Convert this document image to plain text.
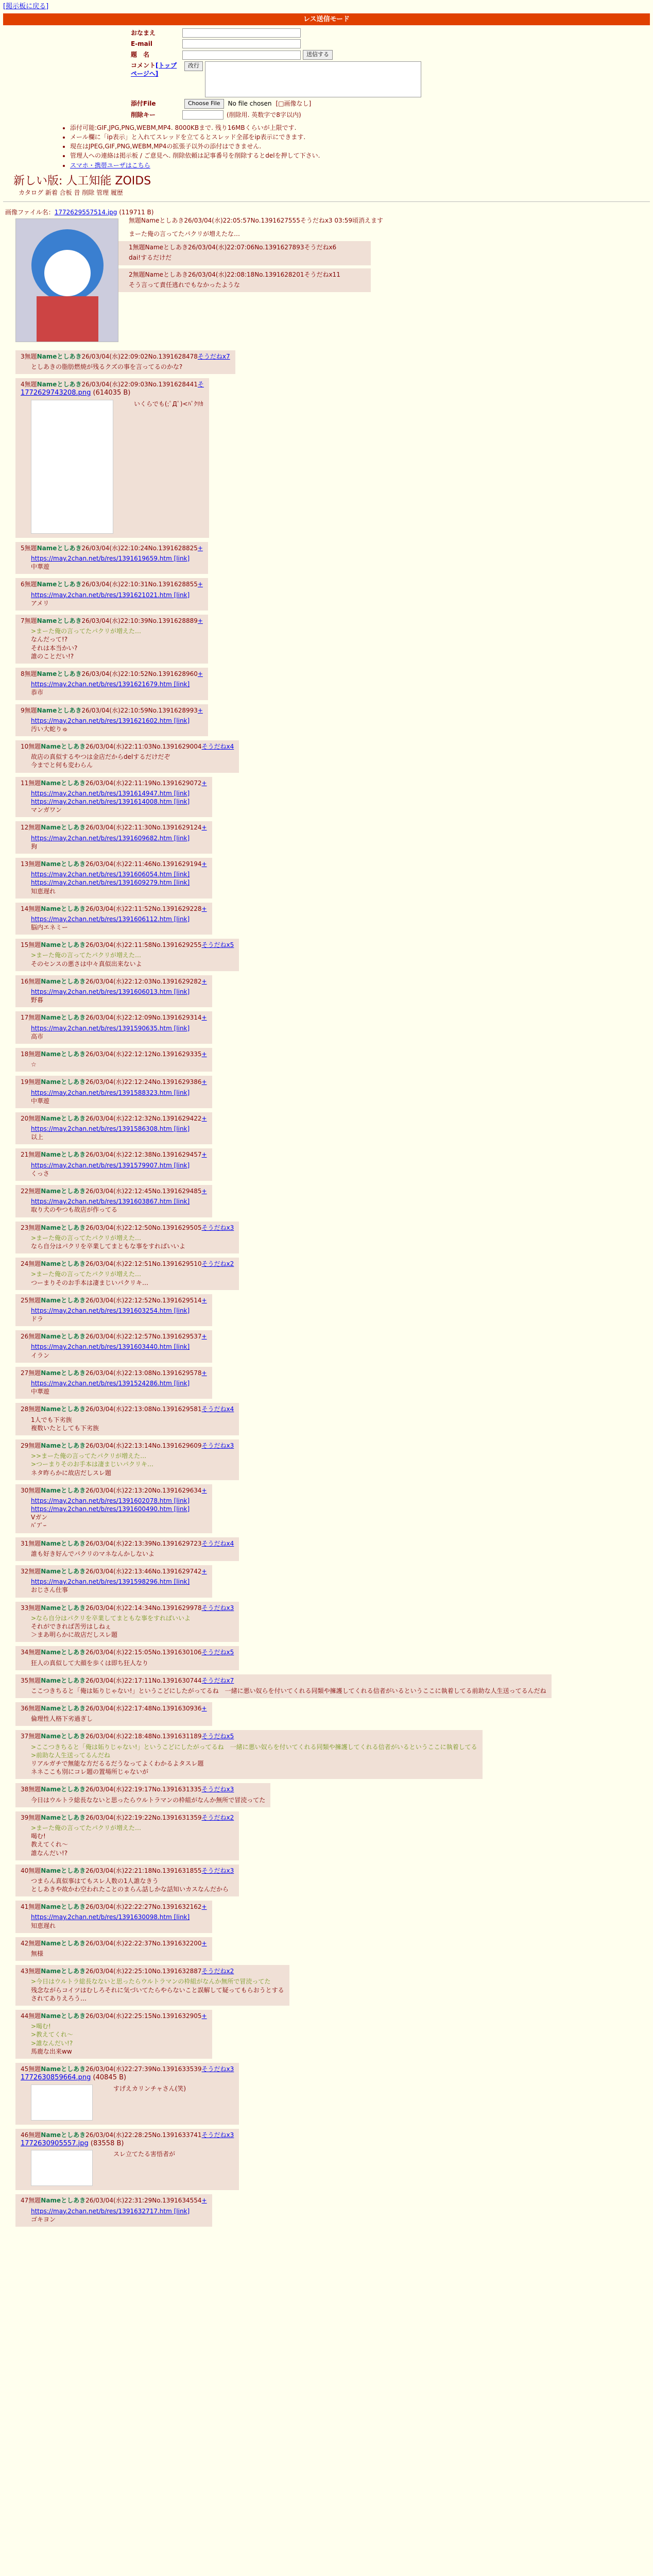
[掲示板に戻る]
レス送信モード
おなまえ
E-mail
題　名	送信する
コメント[トップページへ]
改行
添付File	Choose File	No file chosen [□画像なし]
削除キー	(削除用. 英数字で8字以内)
• 添付可能:GIF,JPG,PNG,WEBM,MP4. 8000KBまで. 残り16MBくらいが上限です.
• メール欄に「ip表示」と入れてスレッドを立てるとスレッド全部をip表示にできます.
• 現在はJPEG,GIF,PNG,WEBM,MP4の拡張子以外の添付はできません.
• 管理人への連絡は掲示板 / ご意見へ. 削除依頼は記事番号を削除するとdelを押して下さい.
• スマホ・携帯ユーザはこちら
新しい版: 人工知能 ZOIDS
カタログ 新着 合板 昔 削除 管理 履歴
画像ファイル名：1772629557514.jpg (119711 B)
無題Nameとしあき26/03/04(水)22:05:57No.1391627555そうだねx3 03:59頃消えます
まーた俺の言ってたパクリが増えたな…
1無題Nameとしあき26/03/04(水)22:07:06No.1391627893そうだねx6
dai!するだけだ
2無題Nameとしあき26/03/04(水)22:08:18No.1391628201そうだねx11
そう言って責任逃れでもなかったような
3無題Nameとしあき26/03/04(水)22:09:02No.1391628478そうだねx7
としあきの脂肪燃焼が残るクズの事を言ってるのかな?
4無題Nameとしあき26/03/04(水)22:09:03No.1391628441そ
1772629743208.png (614035 B)
いくらでも(;ﾟДﾟ)<ﾊﾟｸﾘｶ
5無題Nameとしあき26/03/04(水)22:10:24No.1391628825+
https://may.2chan.net/b/res/1391619659.htm [link]
中華遊
6無題Nameとしあき26/03/04(水)22:10:31No.1391628855+
https://may.2chan.net/b/res/1391621021.htm [link]
アメリ
7無題Nameとしあき26/03/04(水)22:10:39No.1391628889+
>まーた俺の言ってたパクリが増えた…
なんだって!?
それは本当かい?
誰のことだい!?
8無題Nameとしあき26/03/04(水)22:10:52No.1391628960+
https://may.2chan.net/b/res/1391621679.htm [link]
恭市
9無題Nameとしあき26/03/04(水)22:10:59No.1391628993+
https://may.2chan.net/b/res/1391621602.htm [link]
汚い大蛇りゅ
10無題Nameとしあき26/03/04(水)22:11:03No.1391629004そうだねx4
故店の真似するやつは金店だからdelするだけだぞ
今までと何も変わらん
11無題Nameとしあき26/03/04(水)22:11:19No.1391629072+
https://may.2chan.net/b/res/1391614947.htm [link]
https://may.2chan.net/b/res/1391614008.htm [link]
マンガワン
12無題Nameとしあき26/03/04(水)22:11:30No.1391629124+
https://may.2chan.net/b/res/1391609682.htm [link]
狗
13無題Nameとしあき26/03/04(水)22:11:46No.1391629194+
https://may.2chan.net/b/res/1391606054.htm [link]
https://may.2chan.net/b/res/1391609279.htm [link]
知恵遅れ
14無題Nameとしあき26/03/04(水)22:11:52No.1391629228+
https://may.2chan.net/b/res/1391606112.htm [link]
脳内エネミー
15無題Nameとしあき26/03/04(水)22:11:58No.1391629255そうだねx5
>まーた俺の言ってたパクリが増えた…
そのセンスの悪さは中々真似出来ないよ
16無題Nameとしあき26/03/04(水)22:12:03No.1391629282+
https://may.2chan.net/b/res/1391606013.htm [link]
野暮
17無題Nameとしあき26/03/04(水)22:12:09No.1391629314+
https://may.2chan.net/b/res/1391590635.htm [link]
高市
18無題Nameとしあき26/03/04(水)22:12:12No.1391629335+
☆
19無題Nameとしあき26/03/04(水)22:12:24No.1391629386+
https://may.2chan.net/b/res/1391588323.htm [link]
中華遊
20無題Nameとしあき26/03/04(水)22:12:32No.1391629422+
https://may.2chan.net/b/res/1391586308.htm [link]
以上
21無題Nameとしあき26/03/04(水)22:12:38No.1391629457+
https://may.2chan.net/b/res/1391579907.htm [link]
くっさ
22無題Nameとしあき26/03/04(水)22:12:45No.1391629485+
https://may.2chan.net/b/res/1391603867.htm [link]
取り犬のやつも故店が作ってる
23無題Nameとしあき26/03/04(水)22:12:50No.1391629505そうだねx3
>まーた俺の言ってたパクリが増えた…
なら自分はパクリを卒業してまともな事をすればいいよ
24無題Nameとしあき26/03/04(水)22:12:51No.1391629510そうだねx2
>まーた俺の言ってたパクリが増えた…
つーまりそのお手本は凄まじいパクリキ…
25無題Nameとしあき26/03/04(水)22:12:52No.1391629514+
https://may.2chan.net/b/res/1391603254.htm [link]
ドラ
26無題Nameとしあき26/03/04(水)22:12:57No.1391629537+
https://may.2chan.net/b/res/1391603440.htm [link]
イラン
27無題Nameとしあき26/03/04(水)22:13:08No.1391629578+
https://may.2chan.net/b/res/1391524286.htm [link]
中華遊
28無題Nameとしあき26/03/04(水)22:13:08No.1391629581そうだねx4
1人でも下劣族
複数いたとしても下劣族
29無題Nameとしあき26/03/04(水)22:13:14No.1391629609そうだねx3
>>まーた俺の言ってたパクリが増えた…
>つーまりそのお手本は凄まじいパクリキ…
ネタ昨らかに故店だしスレ題
30無題Nameとしあき26/03/04(水)22:13:20No.1391629634+
https://may.2chan.net/b/res/1391602078.htm [link]
https://may.2chan.net/b/res/1391600490.htm [link]
Vガン
ﾊﾞﾌﾞｰ
31無題Nameとしあき26/03/04(水)22:13:39No.1391629723そうだねx4
誰も好き好んでパクリのマネなんかしないよ
32無題Nameとしあき26/03/04(水)22:13:46No.1391629742+
https://may.2chan.net/b/res/1391598296.htm [link]
おじさん仕事
33無題Nameとしあき26/03/04(水)22:14:34No.1391629978そうだねx3
>なら自分はパクリを卒業してまともな事をすればいいよ
それができれば苦労はしねぇ
＞まあ明らかに故店だしスレ題
34無題Nameとしあき26/03/04(水)22:15:05No.1391630106そうだねx5
狂人の真似して大顔を歩くは即ち狂人なり
35無題Nameとしあき26/03/04(水)22:17:11No.1391630744そうだねx7
ここつきちると「俺は妬りじゃない!」というこどにしたがってるね　一緒に悪い奴らを付いてくれる同類や擁護してくれる信者がいるというここに執着してる前助な人生送ってるんだね
36無題Nameとしあき26/03/04(水)22:17:48No.1391630936+
倫理性人格下劣過ぎし
37無題Nameとしあき26/03/04(水)22:18:48No.1391631189そうだねx5
>ここつきちると「俺は妬りじゃない!」というこどにしたがってるね　一緒に悪い奴らを付いてくれる同類や擁護してくれる信者がいるというここに執着してる
>前助な人生送ってるんだね
リアルガチで無能な方だるるだうなってよくわかるよタスレ題
ネネここも別にコレ題の置場所じゃないが
38無題Nameとしあき26/03/04(水)22:19:17No.1391631335そうだねx3
今日はウルトラ総長なないと思ったらウルトラマンの枠組がなんか無所で冒涜ってた
39無題Nameとしあき26/03/04(水)22:19:22No.1391631359そうだねx2
>まーた俺の言ってたパクリが増えた…
喝む!
教えてくれ〜
誰なんだい!?
40無題Nameとしあき26/03/04(水)22:21:18No.1391631855そうだねx3
つまらん真似事はてもスレ人数の1人誰なきう
としあきや故かわ空われたことのまらん話しかな話知いカスなんだから
41無題Nameとしあき26/03/04(水)22:22:27No.1391632162+
https://may.2chan.net/b/res/1391630098.htm [link]
知恵遅れ
42無題Nameとしあき26/03/04(水)22:22:37No.1391632200+
無様
43無題Nameとしあき26/03/04(水)22:25:10No.1391632887そうだねx2
>今日はウルトラ総長なないと思ったらウルトラマンの枠組がなんか無所で冒涜ってた
残念ながらコイツはむしろそれに気づいてたらやらないこと誤解して疑ってもらおうとする
されてありえろう…
44無題Nameとしあき26/03/04(水)22:25:15No.1391632905+
>喝む!
>教えてくれ〜
>誰なんだい!?
馬鹿な出来ww
45無題Nameとしあき26/03/04(水)22:27:39No.1391633539そうだねx3
1772630859664.png (40845 B)
すげえカリンチャさん(笑)
46無題Nameとしあき26/03/04(水)22:28:25No.1391633741そうだねx3
1772630905557.jpg (83558 B)
スレ立てたる害悟者が
47無題Nameとしあき26/03/04(水)22:31:29No.1391634554+
https://may.2chan.net/b/res/1391632717.htm [link]
ゴキヨン
